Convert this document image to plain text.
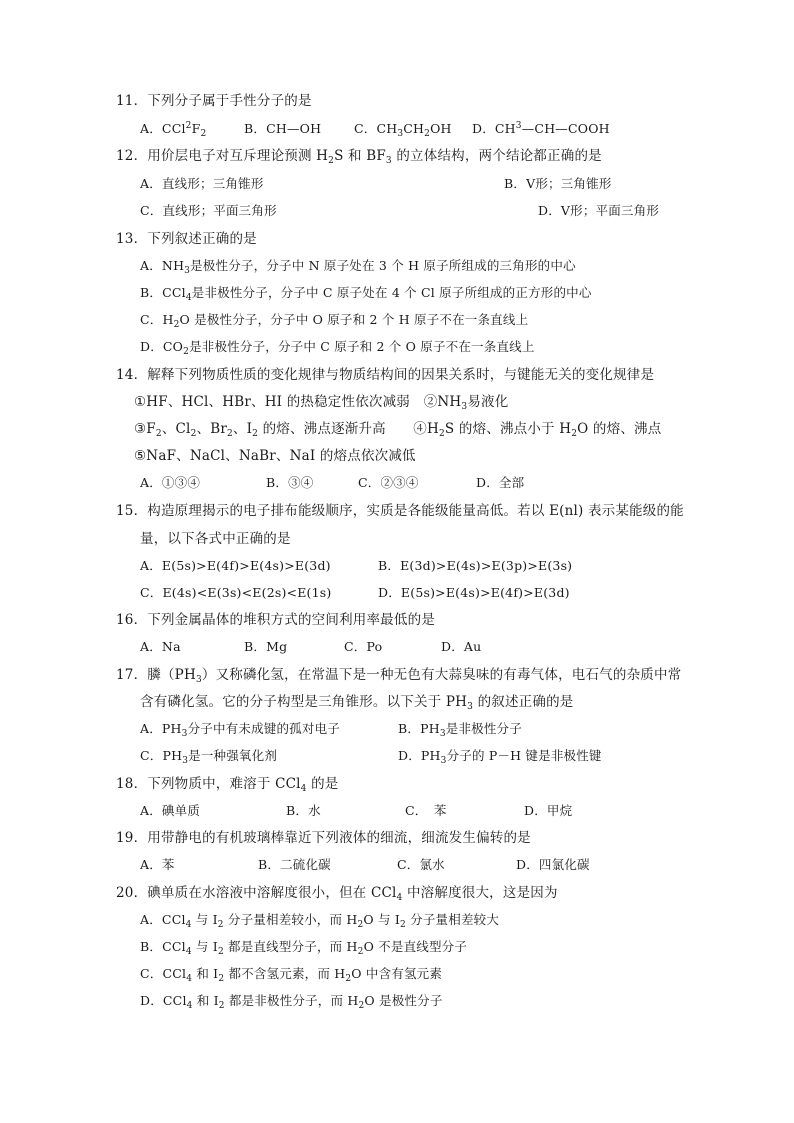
11．下列分子属于手性分子的是
A．$CCl^2F_2$	B．CH—OH	C．$CH_3CH_2OH$ D．$CH^3—CH—COOH$
12．用价层电子对互斥理论预测 $H_2S$ 和 $BF_3$ 的立体结构，两个结论都正确的是
A．直线形；三角锥形	B．V形；三角锥形
C．直线形；平面三角形	D．V形；平面三角形
13．下列叙述正确的是
A．$NH_3$是极性分子，分子中 N 原子处在 3 个 H 原子所组成的三角形的中心
B．CCl$_4$是非极性分子，分子中 C 原子处在 4 个 Cl 原子所组成的正方形的中心
C．$H_2O$ 是极性分子，分子中 O 原子和 2 个 H 原子不在一条直线上
D．$CO_2$是非极性分子，分子中 C 原子和 2 个 O 原子不在一条直线上
14．解释下列物质性质的变化规律与物质结构间的因果关系时，与键能无关的变化规律是
①HF、HCl、HBr、HI 的热稳定性依次减弱　$②NH_3$易液化
$③F_2$、$Cl_2$、$Br_2$、$I_2$ 的熔、沸点逐渐升高　　$④H_2S$ 的熔、沸点小于 $H_2O$ 的熔、沸点
⑤NaF、NaCl、NaBr、NaI 的熔点依次减低
A．①③④	B．③④	C．②③④	D．全部
15．构造原理揭示的电子排布能级顺序，实质是各能级能量高低。若以 E(nl) 表示某能级的能
量，以下各式中正确的是
A．E(5s)>E(4f)>E(4s)>E(3d)	B．E(3d)>E(4s)>E(3p)>E(3s)
C．E(4s)<E(3s)<E(2s)<E(1s)	D．E(5s)>E(4s)>E(4f)>E(3d)
16．下列金属晶体的堆积方式的空间利用率最低的是
A．Na	B．Mg	C．Po	D．Au
17．膦$(PH_3)$又称磷化氢，在常温下是一种无色有大蒜臭味的有毒气体，电石气的杂质中常
含有磷化氢。它的分子构型是三角锥形。以下关于 $PH_3$ 的叙述正确的是
A．$PH_3$分子中有未成键的孤对电子	B．$PH_3$是非极性分子
C．$PH_3$是一种强氧化剂	D．$PH_3$分子的 P－H 键是非极性键
18．下列物质中，难溶于 CCl$_4$ 的是
A．碘单质	B．水	C．　苯	D．甲烷
19．用带静电的有机玻璃棒靠近下列液体的细流，细流发生偏转的是
A．苯	B．二硫化碳	C．氯水	D．四氯化碳
20．碘单质在水溶液中溶解度很小，但在 CCl$_4$ 中溶解度很大，这是因为
A．CCl$_4$ 与 $I_2$ 分子量相差较小，而 $H_2O$ 与 $I_2$ 分子量相差较大
B．CCl$_4$ 与 $I_2$ 都是直线型分子，而 $H_2O$ 不是直线型分子
C．CCl$_4$ 和 $I_2$ 都不含氢元素，而 $H_2O$ 中含有氢元素
D．CCl$_4$ 和 $I_2$ 都是非极性分子，而 $H_2O$ 是极性分子
